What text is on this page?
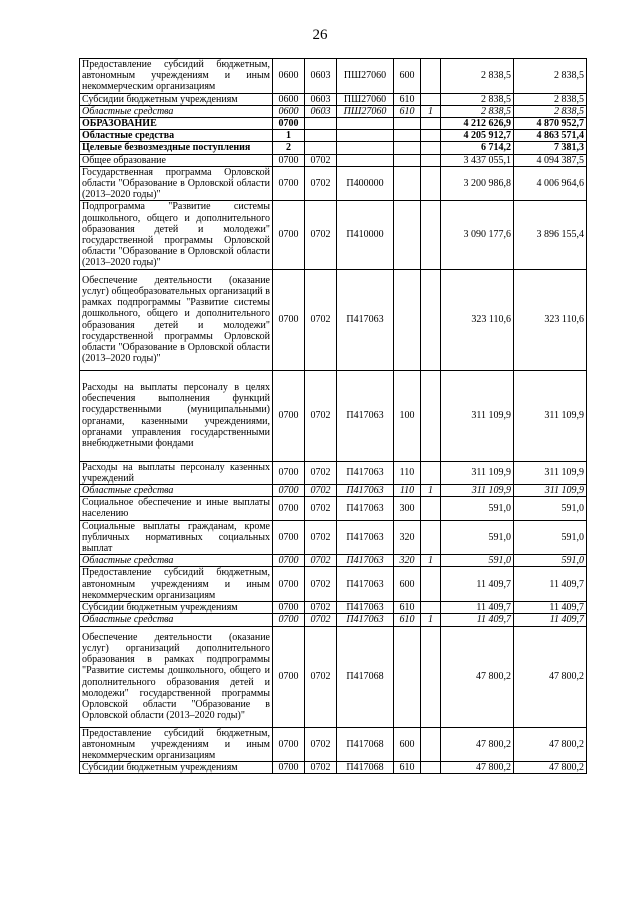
26
Предоставление субсидий бюджетным, автономным учреждениям и иным некоммерческим организациям	0600	0603	ПШ27060	600		2 838,5	2 838,5
Субсидии бюджетным учреждениям	0600	0603	ПШ27060	610		2 838,5	2 838,5
Областные средства	0600	0603	ПШ27060	610	1	2 838,5	2 838,5
ОБРАЗОВАНИЕ	0700					4 212 626,9	4 870 952,7
Областные средства	1					4 205 912,7	4 863 571,4
Целевые безвозмездные поступления	2					6 714,2	7 381,3
Общее образование	0700	0702				3 437 055,1	4 094 387,5
Государственная программа Орловской области "Образование в Орловской области (2013–2020 годы)"	0700	0702	П400000			3 200 986,8	4 006 964,6
Подпрограмма "Развитие системы дошкольного, общего и дополнительного образования детей и молодежи" государственной программы Орловской области "Образование в Орловской области (2013–2020 годы)"	0700	0702	П410000			3 090 177,6	3 896 155,4
Обеспечение деятельности (оказание услуг) общеобразовательных организаций в рамках подпрограммы "Развитие системы дошкольного, общего и дополнительного образования детей и молодежи" государственной программы Орловской области "Образование в Орловской области (2013–2020 годы)"	0700	0702	П417063			323 110,6	323 110,6
Расходы на выплаты персоналу в целях обеспечения выполнения функций государственными (муниципальными) органами, казенными учреждениями, органами управления государственными внебюджетными фондами	0700	0702	П417063	100		311 109,9	311 109,9
Расходы на выплаты персоналу казенных учреждений	0700	0702	П417063	110		311 109,9	311 109,9
Областные средства	0700	0702	П417063	110	1	311 109,9	311 109,9
Социальное обеспечение и иные выплаты населению	0700	0702	П417063	300		591,0	591,0
Социальные выплаты гражданам, кроме публичных нормативных социальных выплат	0700	0702	П417063	320		591,0	591,0
Областные средства	0700	0702	П417063	320	1	591,0	591,0
Предоставление субсидий бюджетным, автономным учреждениям и иным некоммерческим организациям	0700	0702	П417063	600		11 409,7	11 409,7
Субсидии бюджетным учреждениям	0700	0702	П417063	610		11 409,7	11 409,7
Областные средства	0700	0702	П417063	610	1	11 409,7	11 409,7
Обеспечение деятельности (оказание услуг) организаций дополнительного образования в рамках подпрограммы "Развитие системы дошкольного, общего и дополнительного образования детей и молодежи" государственной программы Орловской области "Образование в Орловской области (2013–2020 годы)"	0700	0702	П417068			47 800,2	47 800,2
Предоставление субсидий бюджетным, автономным учреждениям и иным некоммерческим организациям	0700	0702	П417068	600		47 800,2	47 800,2
Субсидии бюджетным учреждениям	0700	0702	П417068	610		47 800,2	47 800,2
